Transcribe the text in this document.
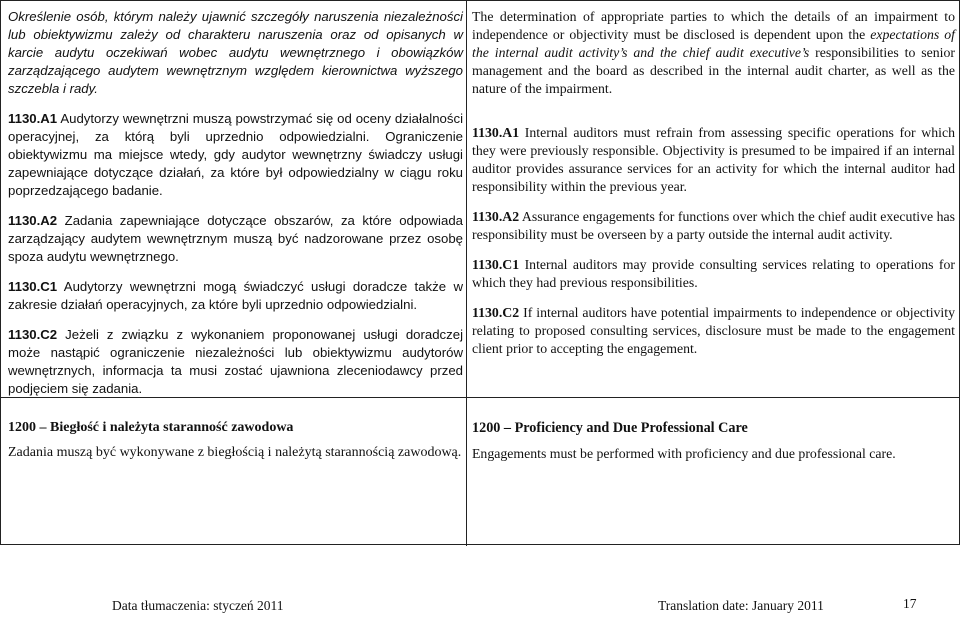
Określenie osób, którym należy ujawnić szczegóły naruszenia niezależności lub obiektywizmu zależy od charakteru naruszenia oraz od opisanych w karcie audytu oczekiwań wobec audytu wewnętrznego i obowiązków zarządzającego audytem wewnętrznym względem kierownictwa wyższego szczebla i rady.

1130.A1 Audytorzy wewnętrzni muszą powstrzymać się od oceny działalności operacyjnej, za którą byli uprzednio odpowiedzialni. Ograniczenie obiektywizmu ma miejsce wtedy, gdy audytor wewnętrzny świadczy usługi zapewniające dotyczące działań, za które był odpowiedzialny w ciągu roku poprzedzającego badanie.

1130.A2 Zadania zapewniające dotyczące obszarów, za które odpowiada zarządzający audytem wewnętrznym muszą być nadzorowane przez osobę spoza audytu wewnętrznego.

1130.C1 Audytorzy wewnętrzni mogą świadczyć usługi doradcze także w zakresie działań operacyjnych, za które byli uprzednio odpowiedzialni.

1130.C2 Jeżeli z związku z wykonaniem proponowanej usługi doradczej może nastąpić ograniczenie niezależności lub obiektywizmu audytorów wewnętrznych, informacja ta musi zostać ujawniona zleceniodawcy przed podjęciem się zadania.

The determination of appropriate parties to which the details of an impairment to independence or objectivity must be disclosed is dependent upon the expectations of the internal audit activity’s and the chief audit executive’s responsibilities to senior management and the board as described in the internal audit charter, as well as the nature of the impairment.

1130.A1 Internal auditors must refrain from assessing specific operations for which they were previously responsible. Objectivity is presumed to be impaired if an internal auditor provides assurance services for an activity for which the internal auditor had responsibility within the previous year.

1130.A2 Assurance engagements for functions over which the chief audit executive has responsibility must be overseen by a party outside the internal audit activity.

1130.C1 Internal auditors may provide consulting services relating to operations for which they had previous responsibilities.

1130.C2 If internal auditors have potential impairments to independence or objectivity relating to proposed consulting services, disclosure must be made to the engagement client prior to accepting the engagement.

1200 – Biegłość i należyta staranność zawodowa
Zadania muszą być wykonywane z biegłością i należytą starannością zawodową.
1200 – Proficiency and Due Professional Care
Engagements must be performed with proficiency and due professional care.
Data tłumaczenia: styczeń 2011	Translation date: January 2011	17
